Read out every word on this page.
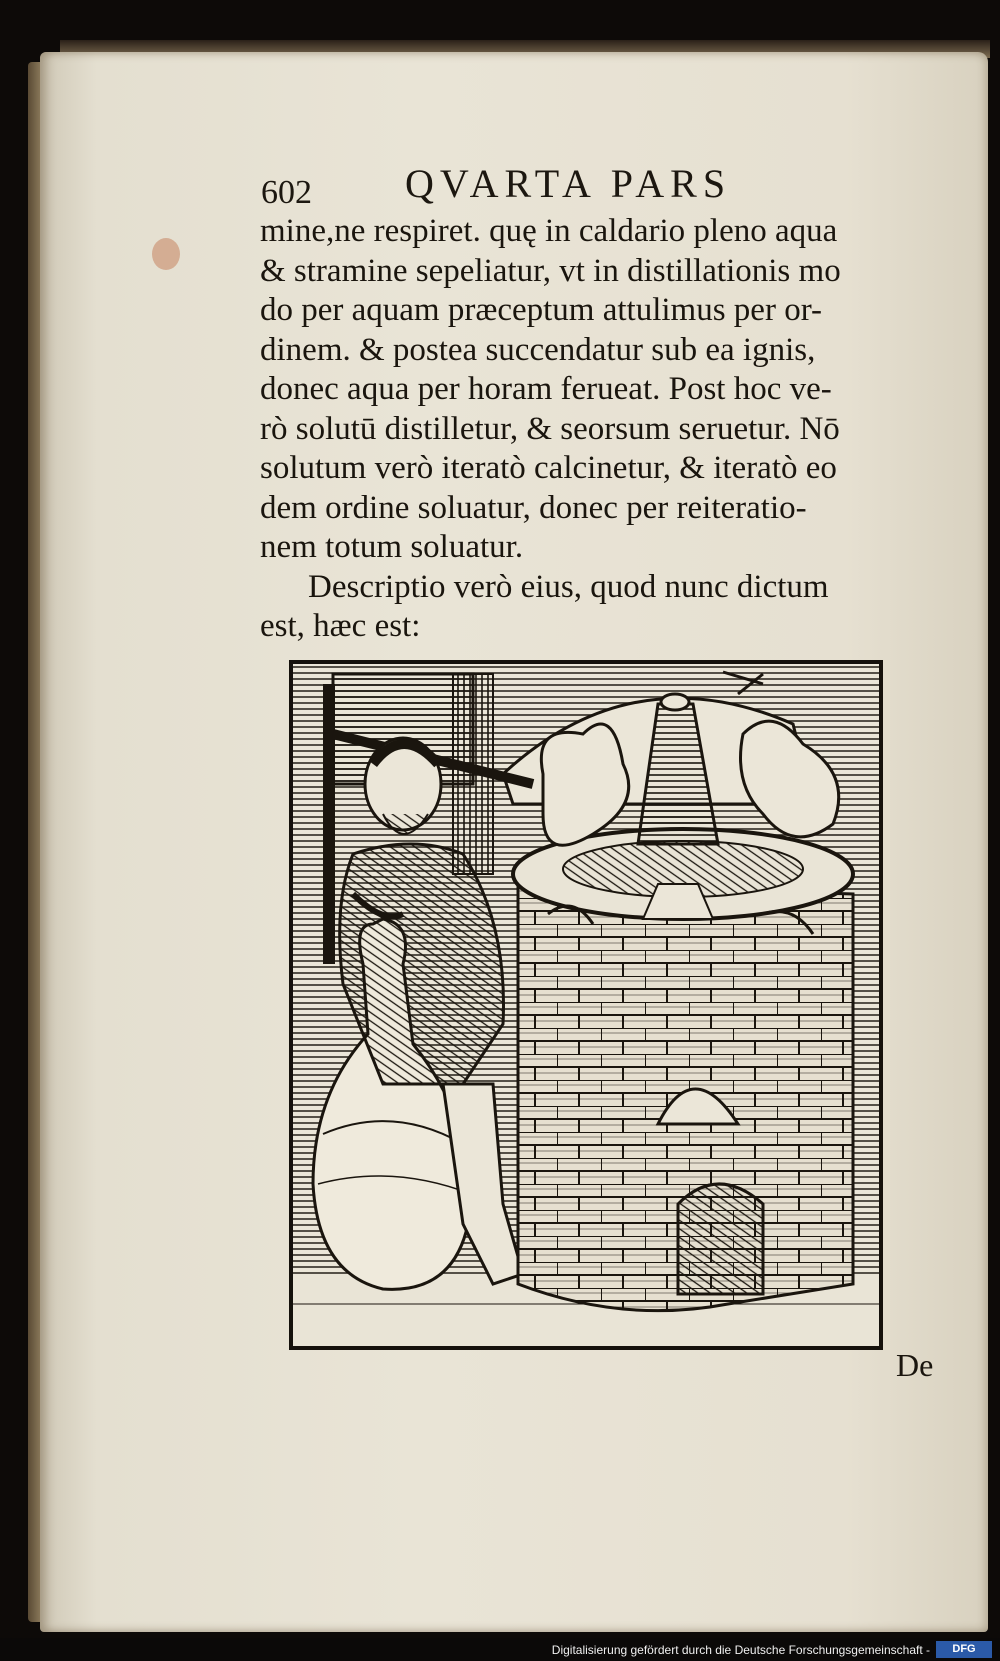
602 QVARTA PARS
mine,ne respiret. quę in caldario pleno aqua
& stramine sepeliatur, vt in distillationis mo
do per aquam præceptum attulimus per or-
dinem. & postea succendatur sub ea ignis,
donec aqua per horam ferueat. Post hoc ve-
rò solutū distilletur, & seorsum seruetur. Nō
solutum verò iteratò calcinetur, & iteratò eo
dem ordine soluatur, donec per reiteratio-
nem totum soluatur.
Descriptio verò eius, quod nunc dictum
est, hæc est:
De
Digitalisierung gefördert durch die Deutsche Forschungsgemeinschaft -	DFG
